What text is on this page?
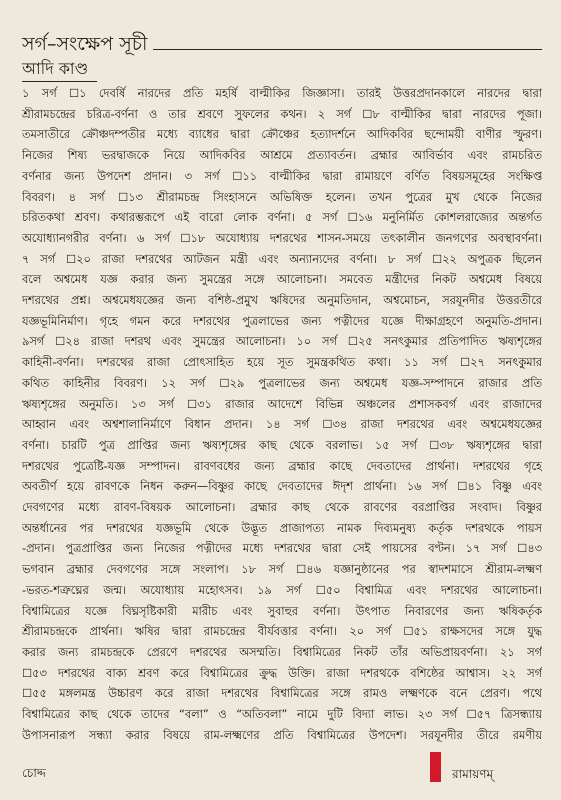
সর্গ–সংক্ষেপ সূচী
আদি কাণ্ড
১ সর্গ ☐১ দেবর্ষি নারদের প্রতি মহর্ষি বাল্মীকির জিজ্ঞাসা। তারই উত্তরপ্রদানকালে নারদের দ্বারা
শ্রীরামচন্দ্রের চরিত্র-বর্ণনা ও তার শ্রবণে সুফলের কথন। ২ সর্গ ☐৮ বাল্মীকির দ্বারা নারদের পূজা।
তমসাতীরে ক্রৌঞ্চদম্পতীর মধ্যে ব্যাধের দ্বারা ক্রৌঞ্চের হত্যাদর্শনে আদিকবির ছন্দোময়ী বাণীর স্ফুরণ।
নিজের শিষ্য ভরদ্বাজকে নিয়ে আদিকবির আশ্রমে প্রত্যাবর্তন। ব্রহ্মার আবির্ভাব এবং রামচরিত
বর্ণনার জন্য উপদেশ প্রদান। ৩ সর্গ ☐১১ বাল্মীকির দ্বারা রামায়ণে বর্ণিত বিষয়সমূহের সংক্ষিপ্ত
বিবরণ। ৪ সর্গ ☐১৩ শ্রীরামচন্দ্র সিংহাসনে অভিষিক্ত হলেন। তখন পুত্রের মুখ থেকে নিজের
চরিতকথা শ্রবণ। কথারম্ভরূপে এই বারো লোক বর্ণনা। ৫ সর্গ ☐১৬ মনুনির্মিত কোশলরাজ্যের অন্তর্গত
অযোধ্যানগরীর বর্ণনা। ৬ সর্গ ☐১৮ অযোধ্যায় দশরথের শাসন-সময়ে তৎকালীন জনগণের অবস্থাবর্ণনা।
৭ সর্গ ☐২০ রাজা দশরথের আটজন মন্ত্রী এবং অন্যান্যদের বর্ণনা। ৮ সর্গ ☐২২ অপুত্রক ছিলেন
বলে অশ্বমেধ যজ্ঞ করার জন্য সুমন্ত্রের সঙ্গে আলোচনা। সমবেত মন্ত্রীদের নিকট অশ্বমেধ বিষয়ে
দশরথের প্রশ্ন। অশ্বমেধযজ্ঞের জন্য বশিষ্ঠ-প্রমুখ ঋষিদের অনুমতিদান, অশ্বমোচন, সরযূনদীর উত্তরতীরে
যজ্ঞভূমিনির্মাণ। গৃহে গমন করে দশরথের পুত্রলাভের জন্য পত্নীদের যজ্ঞে দীক্ষাগ্রহণে অনুমতি-প্রদান।
৯সর্গ ☐২৪ রাজা দশরথ এবং সুমন্ত্রের আলোচনা। ১০ সর্গ ☐২৫ সনৎকুমার প্রতিপাদিত ঋষ্যশৃঙ্গের
কাহিনী-বর্ণনা। দশরথের রাজা প্রোৎসাহিত হয়ে সূত সুমন্ত্রকথিত কথা। ১১ সর্গ ☐২৭ সনৎকুমার
কথিত কাহিনীর বিবরণ। ১২ সর্গ ☐২৯ পুত্রলাভের জন্য অশ্বমেধ যজ্ঞ-সম্পাদনে রাজার প্রতি
ঋষ্যশৃঙ্গের অনুমতি। ১৩ সর্গ ☐৩১ রাজার আদেশে বিভিন্ন অঞ্চলের প্রশাসকবর্গ এবং রাজাদের
আহ্বান এবং অশ্বশালানির্মাণে বিধান প্রদান। ১৪ সর্গ ☐৩৪ রাজা দশরথের এবং অশ্বমেধযজ্ঞের
বর্ণনা। চারটি পুত্র প্রাপ্তির জন্য ঋষ্যশৃঙ্গের কাছ থেকে বরলাভ। ১৫ সর্গ ☐৩৮ ঋষ্যশৃঙ্গের দ্বারা
দশরথের পুত্রেষ্টি-যজ্ঞ সম্পাদন। রাবণবধের জন্য ব্রহ্মার কাছে দেবতাদের প্রার্থনা। দশরথের গৃহে
অবতীর্ণ হয়ে রাবণকে নিধন করুন—বিষ্ণুর কাছে দেবতাদের ঈদৃশ প্রার্থনা। ১৬ সর্গ ☐৪১ বিষ্ণু এবং
দেবগণের মধ্যে রাবণ-বিষয়ক আলোচনা। ব্রহ্মার কাছ থেকে রাবণের বরপ্রাপ্তির সংবাদ। বিষ্ণুর
অন্তর্ধানের পর দশরথের যজ্ঞভূমি থেকে উদ্ভূত প্রাজাপত্য নামক দিব্যমনুষ্য কর্তৃক দশরথকে পায়স
-প্রদান। পুত্রপ্রাপ্তির জন্য নিজের পত্নীদের মধ্যে দশরথের দ্বারা সেই পায়সের বণ্টন। ১৭ সর্গ ☐৪৩
ভগবান ব্রহ্মার দেবগণের সঙ্গে সংলাপ। ১৮ সর্গ ☐৪৬ যজ্ঞানুষ্ঠানের পর স্বাদশমাসে শ্রীরাম-লক্ষ্মণ
-ভরত-শত্রুঘ্নের জন্ম। অযোধ্যায় মহোৎসব। ১৯ সর্গ ☐৫০ বিশ্বামিত্র এবং দশরথের আলোচনা।
বিশ্বামিত্রের যজ্ঞে বিঘ্নসৃষ্টিকারী মারীচ এবং সুবাহুর বর্ণনা। উৎপাত নিবারণের জন্য ঋষিকর্তৃক
শ্রীরামচন্দ্রকে প্রার্থনা। ঋষির দ্বারা রামচন্দ্রের বীর্যবত্তার বর্ণনা। ২০ সর্গ ☐৫১ রাক্ষসদের সঙ্গে যুদ্ধ
করার জন্য রামচন্দ্রকে প্রেরণে দশরথের অসম্মতি। বিশ্বামিত্রের নিকট তাঁর অভিপ্রায়বর্ণনা। ২১ সর্গ
☐৫৩ দশরথের বাক্য শ্রবণ করে বিশ্বামিত্রের ক্রুদ্ধ উক্তি। রাজা দশরথকে বশিষ্ঠের আশ্বাস। ২২ সর্গ
☐৫৫ মঙ্গলমন্ত্র উচ্চারণ করে রাজা দশরথের বিশ্বামিত্রের সঙ্গে রামও লক্ষ্মণকে বনে প্রেরণ। পথে
বিশ্বামিত্রের কাছ থেকে তাদের “বলা” ও “অতিবলা” নামে দুটি বিদ্যা লাভ। ২৩ সর্গ ☐৫৭ ত্রিসন্ধ্যায়
উপাসনারূপ সন্ধ্যা করার বিষয়ে রাম-লক্ষ্মণের প্রতি বিশ্বামিত্রের উপদেশ। সরযূনদীর তীরে রমণীয়
চোদ্দ	রামায়ণম্
